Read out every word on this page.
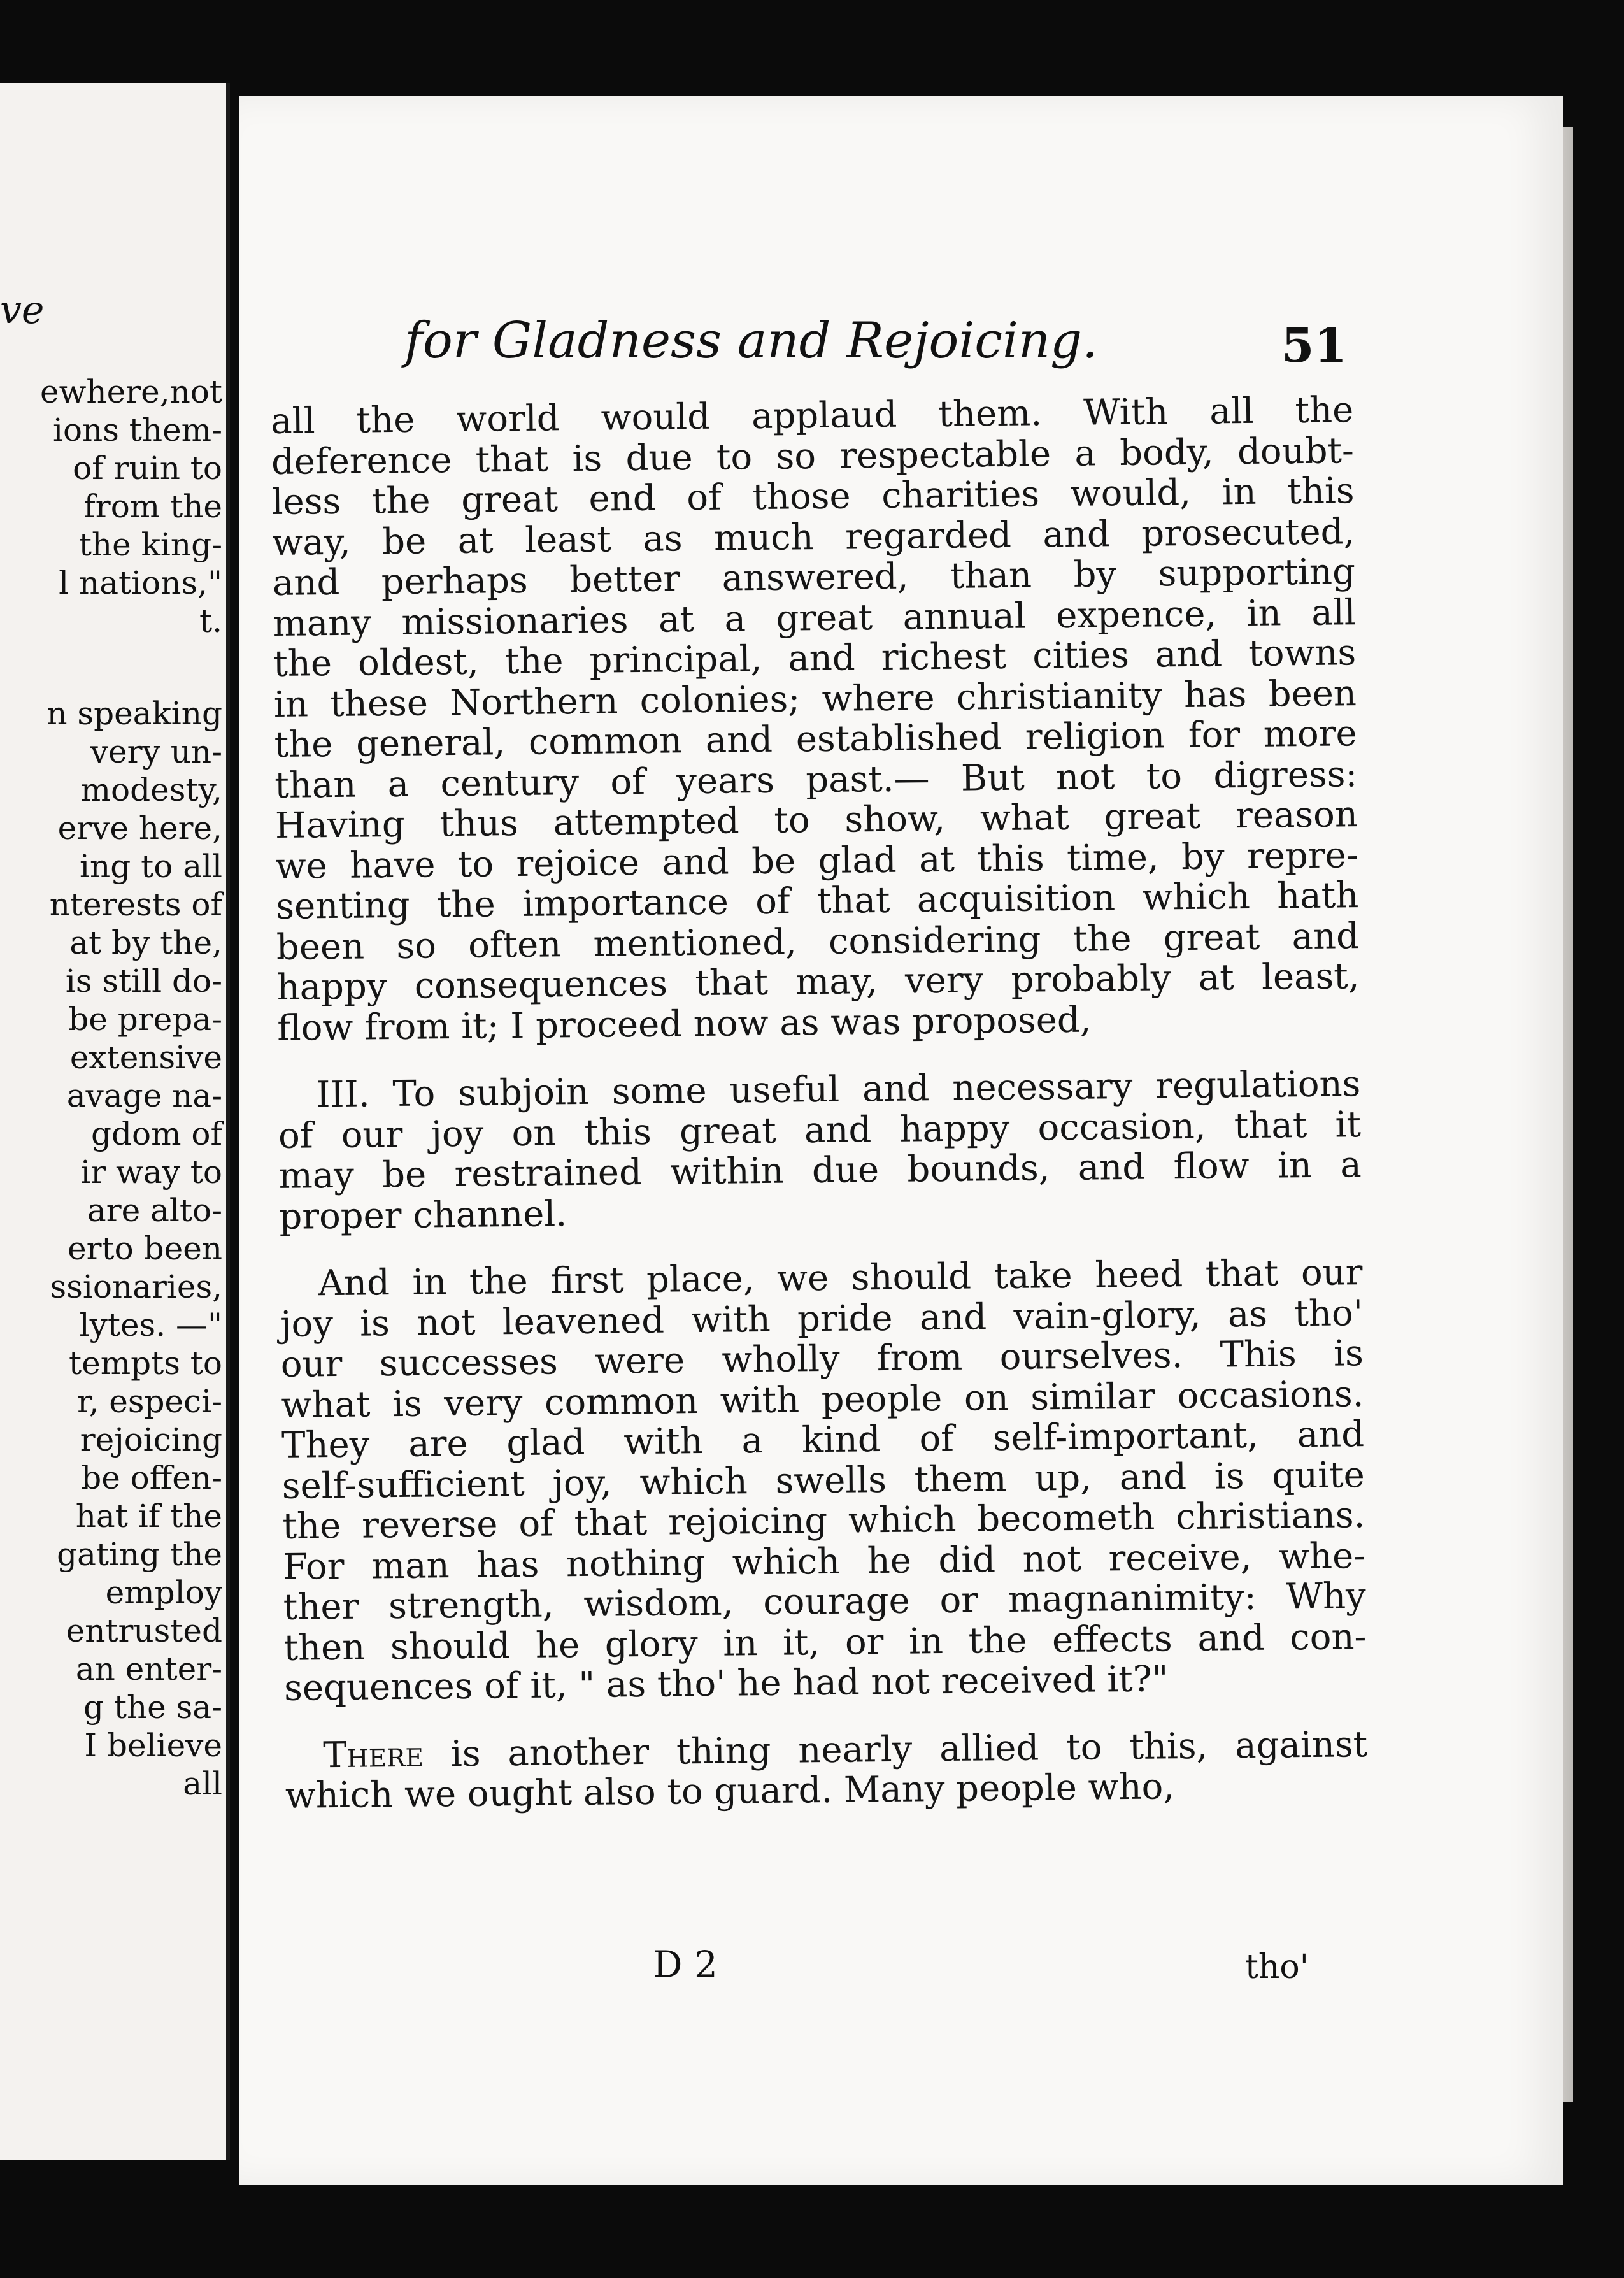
ve
ewhere,not
ions them-
of ruin to
from the
the king-
l nations,"
t.
n speaking
very un-
modesty,
erve here,
ing to all
nterests of
at by the,
is still do-
be prepa-
extensive
avage na-
gdom of
ir way to
are alto-
erto been
ssionaries,
lytes. —"
tempts to
r, especi-
rejoicing
be offen-
hat if the
gating the
employ
entrusted
an enter-
g the sa-
I believe
all
for Gladness and Rejoicing.	51
all the world would applaud them. With all the
deference that is due to so respectable a body, doubt-
less the great end of those charities would, in this
way, be at least as much regarded and prosecuted,
and perhaps better answered, than by supporting
many missionaries at a great annual expence, in all
the oldest, the principal, and richest cities and towns
in these Northern colonies; where christianity has been
the general, common and established religion for more
than a century of years past.— But not to digress:
Having thus attempted to show, what great reason
we have to rejoice and be glad at this time, by repre-
senting the importance of that acquisition which hath
been so often mentioned, considering the great and
happy consequences that may, very probably at least,
flow from it; I proceed now as was proposed,
III. To subjoin some useful and necessary regulations
of our joy on this great and happy occasion, that it
may be restrained within due bounds, and flow in a
proper channel.
And in the first place, we should take heed that our
joy is not leavened with pride and vain-glory, as tho'
our successes were wholly from ourselves. This is
what is very common with people on similar occasions.
They are glad with a kind of self-important, and
self-sufficient joy, which swells them up, and is quite
the reverse of that rejoicing which becometh christians.
For man has nothing which he did not receive, whe-
ther strength, wisdom, courage or magnanimity: Why
then should he glory in it, or in the effects and con-
sequences of it, " as tho' he had not received it?"
There is another thing nearly allied to this, against
which we ought also to guard. Many people who,
D 2	tho'
